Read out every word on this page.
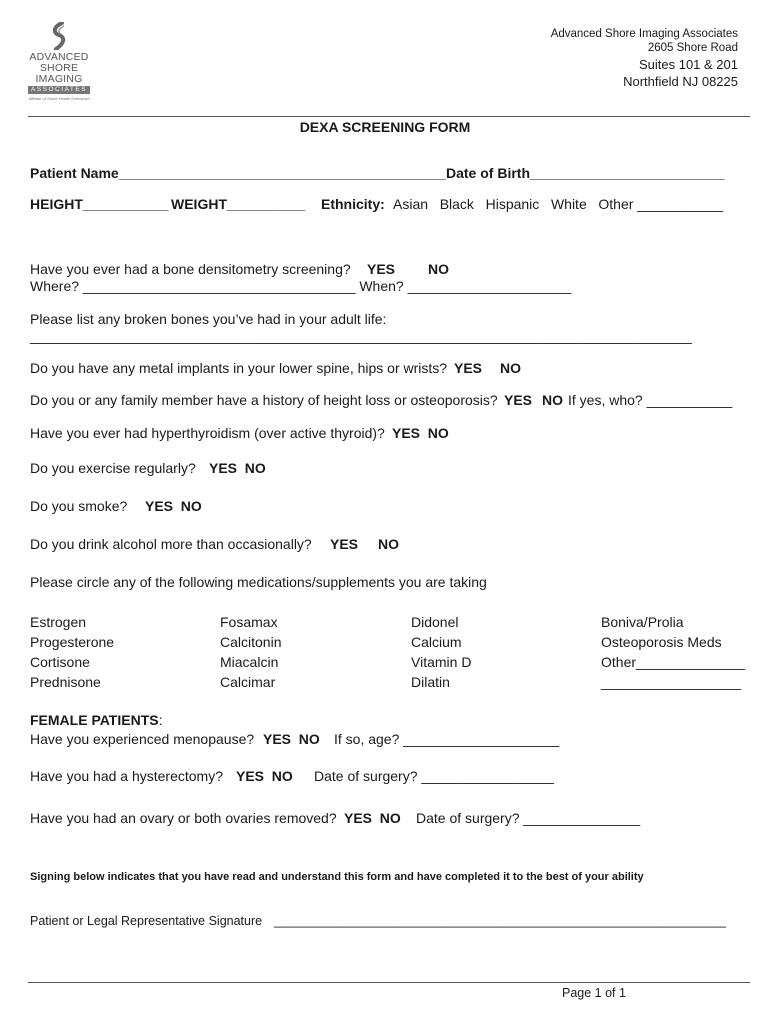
ADVANCED
SHORE
IMAGING
ASSOCIATES
Affiliate of Shore Health Enterprise
Advanced Shore Imaging Associates
2605 Shore Road
Suites 101 & 201
Northfield NJ 08225
DEXA SCREENING FORM
Patient Name__________________________________________ Date of Birth_________________________
HEIGHT___________ WEIGHT__________ Ethnicity: Asian   Black   Hispanic   White   Other ___________
Have you ever had a bone densitometry screening? YES NO
Where? ___________________________________ When? _____________________
Please list any broken bones you’ve had in your adult life:
_____________________________________________________________________________________
Do you have any metal implants in your lower spine, hips or wrists? YES NO
Do you or any family member have a history of height loss or osteoporosis? YES NO If yes, who? ___________
Have you ever had hyperthyroidism (over active thyroid)? YES  NO
Do you exercise regularly? YES  NO
Do you smoke? YES  NO
Do you drink alcohol more than occasionally? YES NO
Please circle any of the following medications/supplements you are taking
Estrogen
Progesterone
Cortisone
Prednisone
Fosamax
Calcitonin
Miacalcin
Calcimar
Didonel
Calcium
Vitamin D
Dilatin
Boniva/Prolia
Osteoporosis Meds
Other______________
__________________
FEMALE PATIENTS:
Have you experienced menopause? YES  NO If so, age? ____________________
Have you had a hysterectomy? YES  NO Date of surgery? _________________
Have you had an ovary or both ovaries removed? YES  NO Date of surgery? _______________
Signing below indicates that you have read and understand this form and have completed it to the best of your ability
Patient or Legal Representative Signature _________________________________________________________________
Page 1 of 1
